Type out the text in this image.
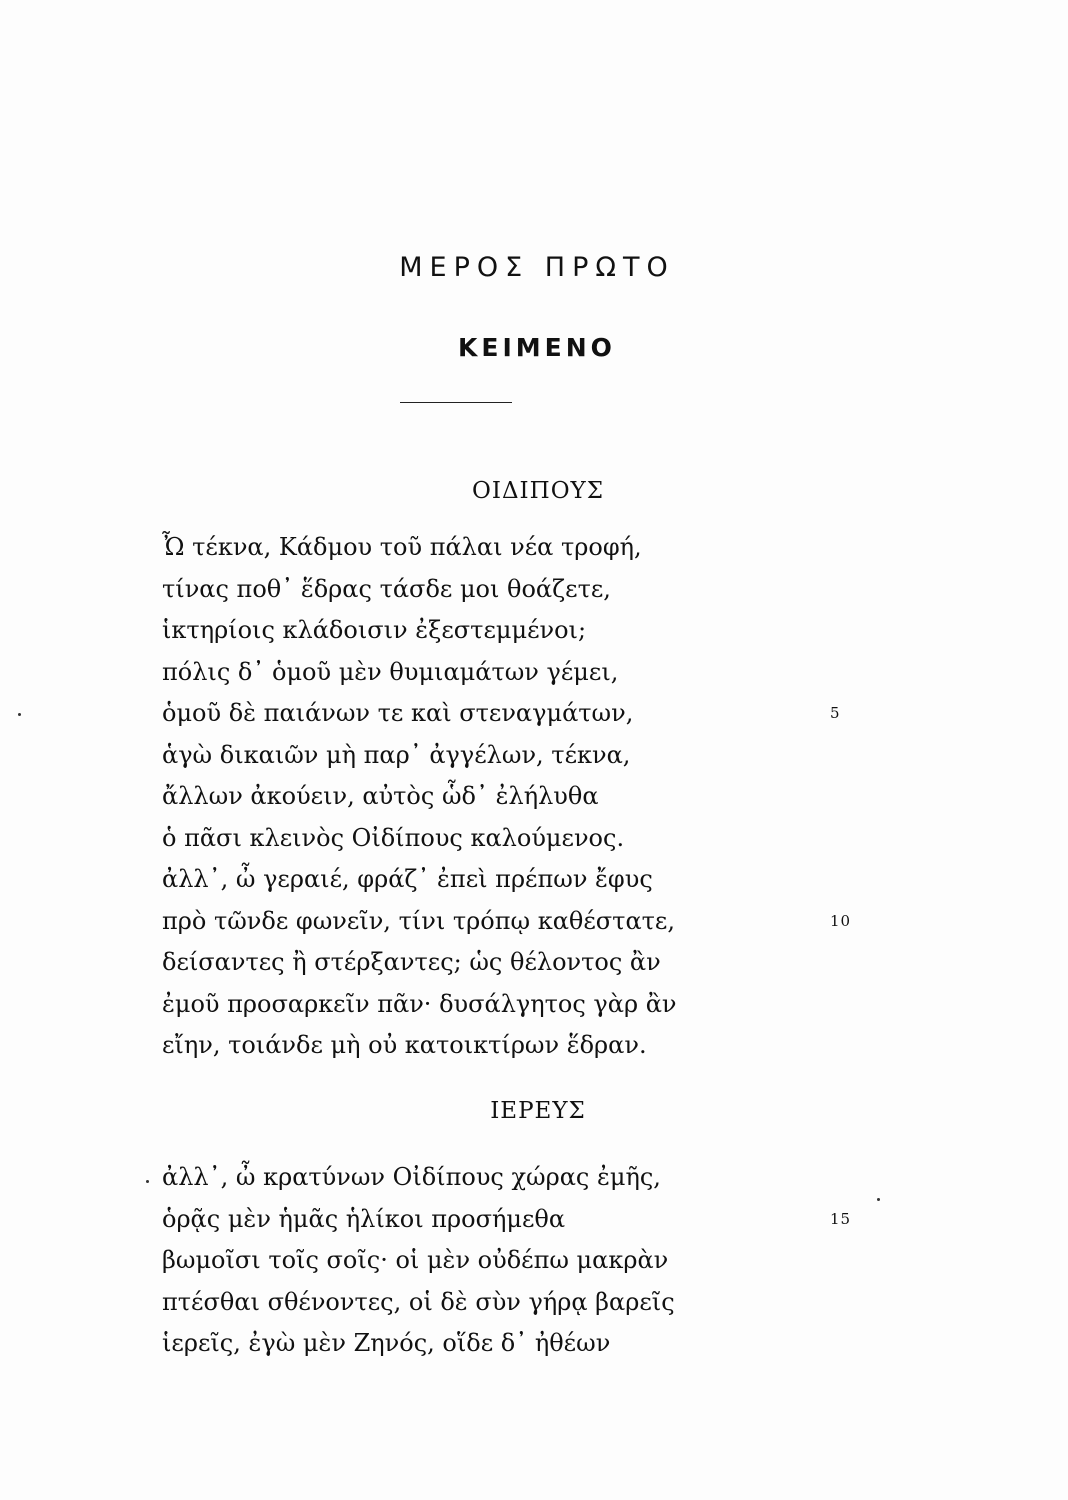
ΜΕΡΟΣ ΠΡΩΤΟ
ΚΕΙΜΕΝΟ
ΟΙΔΙΠΟΥΣ
Ὦ τέκνα, Κάδμου τοῦ πάλαι νέα τροφή,
τίνας ποθ᾽ ἕδρας τάσδε μοι θοάζετε,
ἱκτηρίοις κλάδοισιν ἐξεστεμμένοι;
πόλις δ᾽ ὁμοῦ μὲν θυμιαμάτων γέμει,
ὁμοῦ δὲ παιάνων τε καὶ στεναγμάτων,	5
ἁγὼ δικαιῶν μὴ παρ᾽ ἀγγέλων, τέκνα,
ἄλλων ἀκούειν, αὐτὸς ὧδ᾽ ἐλήλυθα
ὁ πᾶσι κλεινὸς Οἰδίπους καλούμενος.
ἀλλ᾽, ὦ γεραιέ, φράζ᾽ ἐπεὶ πρέπων ἔφυς
πρὸ τῶνδε φωνεῖν, τίνι τρόπῳ καθέστατε,	10
δείσαντες ἢ στέρξαντες; ὡς θέλοντος ἂν
ἐμοῦ προσαρκεῖν πᾶν· δυσάλγητος γὰρ ἂν
εἴην, τοιάνδε μὴ οὐ κατοικτίρων ἕδραν.
ΙΕΡΕΥΣ
ἀλλ᾽, ὦ κρατύνων Οἰδίπους χώρας ἐμῆς,
ὁρᾷς μὲν ἡμᾶς ἡλίκοι προσήμεθα	15
βωμοῖσι τοῖς σοῖς· οἱ μὲν οὐδέπω μακρὰν
πτέσθαι σθένοντες, οἱ δὲ σὺν γήρᾳ βαρεῖς
ἱερεῖς, ἐγὼ μὲν Ζηνός, οἵδε δ᾽ ἠθέων
